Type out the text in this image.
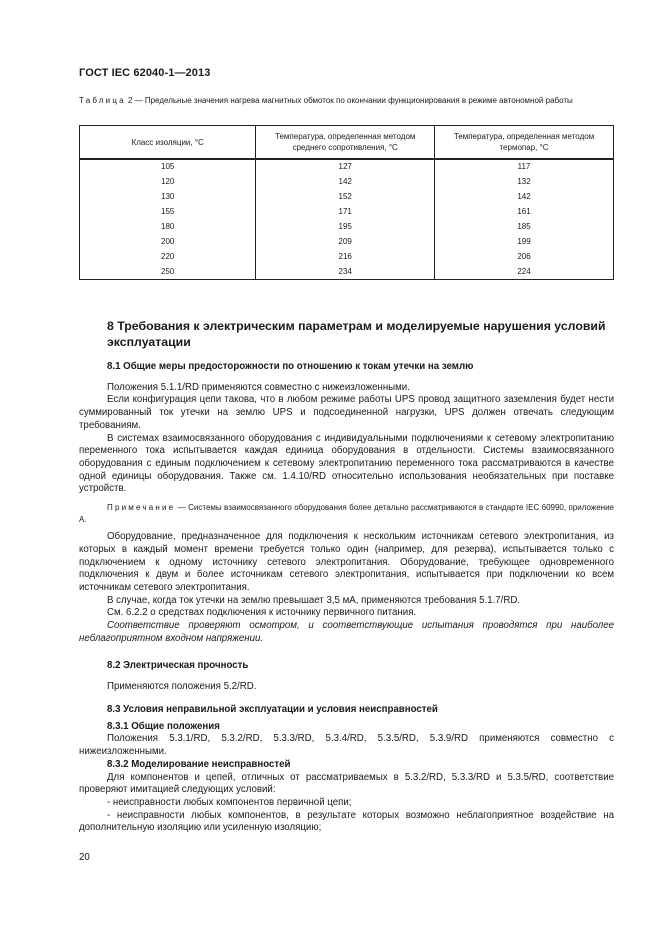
ГОСТ IEC 62040-1—2013
Таблица 2 — Предельные значения нагрева магнитных обмоток по окончании функционирования в режиме автономной работы
Класс изоляции, °С	Температура, определенная методом среднего сопротивления, °С	Температура, определенная методом термопар, °С
105	127	117
120	142	132
130	152	142
155	171	161
180	195	185
200	209	199
220	216	206
250	234	224
8 Требования к электрическим параметрам и моделируемые нарушения условий эксплуатации

8.1 Общие меры предосторожности по отношению к токам утечки на землю

Положения 5.1.1/RD применяются совместно с нижеизложенными.

Если конфигурация цепи такова, что в любом режиме работы UPS провод защитного заземления будет нести суммированный ток утечки на землю UPS и подсоединенной нагрузки, UPS должен отвечать следующим требованиям.

В системах взаимосвязанного оборудования с индивидуальными подключениями к сетевому электропитанию переменного тока испытывается каждая единица оборудования в отдельности. Системы взаимосвязанного оборудования с единым подключением к сетевому электропитанию переменного тока рассматриваются в качестве одной единицы оборудования. Также см. 1.4.10/RD относительно использования необязательных при поставке устройств.

Примечание — Системы взаимосвязанного оборудования более детально рассматриваются в стандарте IEC 60990, приложение А.

Оборудование, предназначенное для подключения к нескольким источникам сетевого электропитания, из которых в каждый момент времени требуется только один (например, для резерва), испытывается только с подключением к одному источнику сетевого электропитания. Оборудование, требующее одновременного подключения к двум и более источникам сетевого электропитания, испытывается при подключении ко всем источникам сетевого электропитания.

В случае, когда ток утечки на землю превышает 3,5 мА, применяются требования 5.1.7/RD.

См. 6.2.2 о средствах подключения к источнику первичного питания.

Соответствие проверяют осмотром, и соответствующие испытания проводятся при наиболее неблагоприятном входном напряжении.

8.2 Электрическая прочность

Применяются положения 5.2/RD.

8.3 Условия неправильной эксплуатации и условия неисправностей

8.3.1 Общие положения

Положения 5.3.1/RD, 5.3.2/RD, 5.3.3/RD, 5.3.4/RD, 5.3.5/RD, 5.3.9/RD применяются совместно с нижеизложенными.

8.3.2 Моделирование неисправностей

Для компонентов и цепей, отличных от рассматриваемых в 5.3.2/RD, 5.3.3/RD и 5.3.5/RD, соответствие проверяют имитацией следующих условий:

- неисправности любых компонентов первичной цепи;

- неисправности любых компонентов, в результате которых возможно неблагоприятное воздействие на дополнительную изоляцию или усиленную изоляцию;

20
